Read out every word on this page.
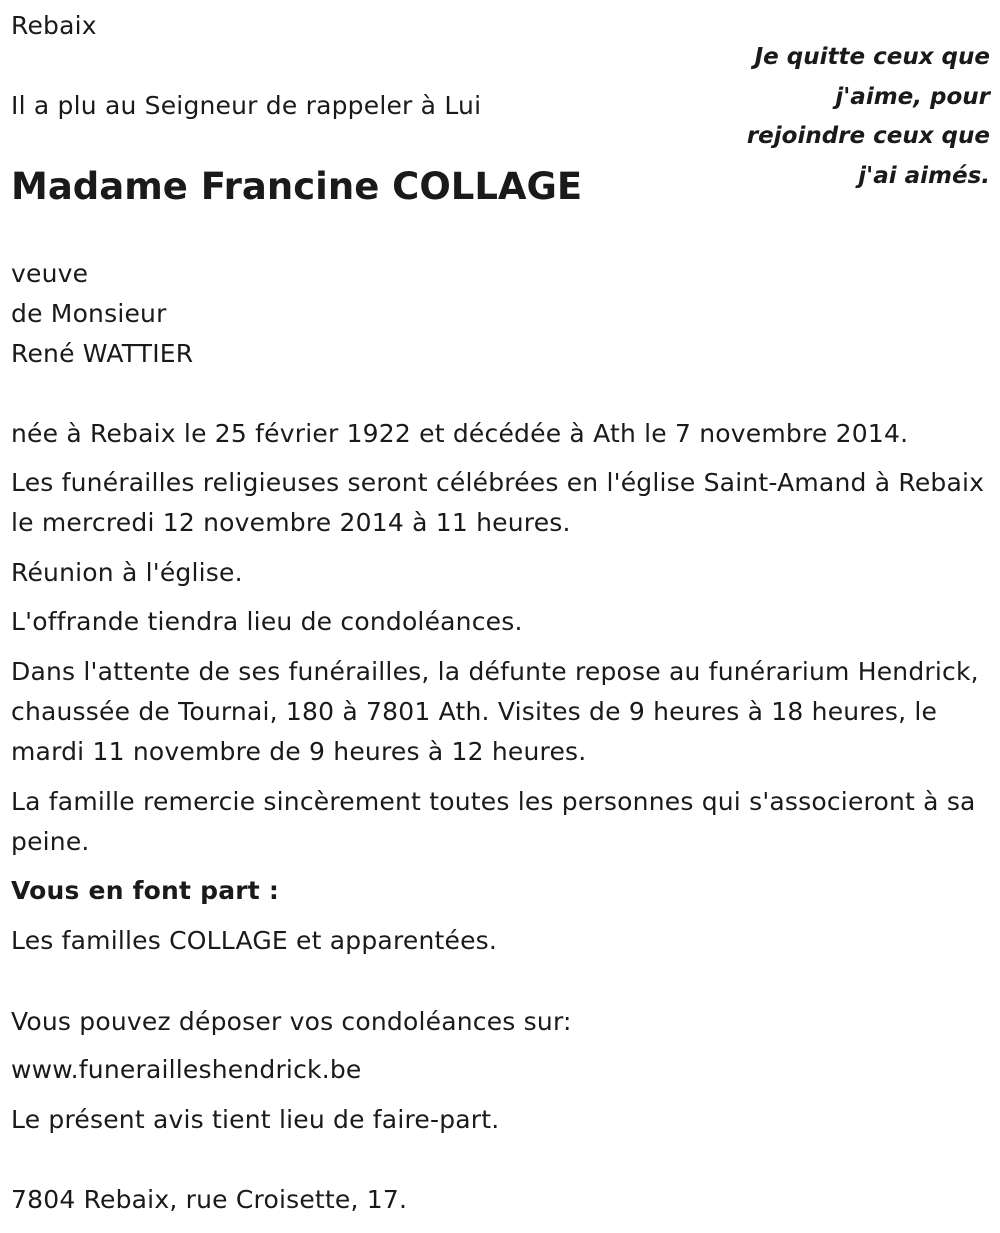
Rebaix
Il a plu au Seigneur de rappeler à Lui
Je quitte ceux que j'aime, pour rejoindre ceux que j'ai aimés.
Madame Francine COLLAGE
veuve
de Monsieur
René WATTIER
née à Rebaix le 25 février 1922 et décédée à Ath le 7 novembre 2014.
Les funérailles religieuses seront célébrées en l'église Saint-Amand à Rebaix le mercredi 12 novembre 2014 à 11 heures.
Réunion à l'église.
L'offrande tiendra lieu de condoléances.
Dans l'attente de ses funérailles, la défunte repose au funérarium Hendrick, chaussée de Tournai, 180 à 7801 Ath. Visites de 9 heures à 18 heures, le mardi 11 novembre de 9 heures à 12 heures.
La famille remercie sincèrement toutes les personnes qui s'associeront à sa peine.
Vous en font part :
Les familles COLLAGE et apparentées.
Vous pouvez déposer vos condoléances sur:
www.funerailleshendrick.be
Le présent avis tient lieu de faire-part.
7804 Rebaix, rue Croisette, 17.
